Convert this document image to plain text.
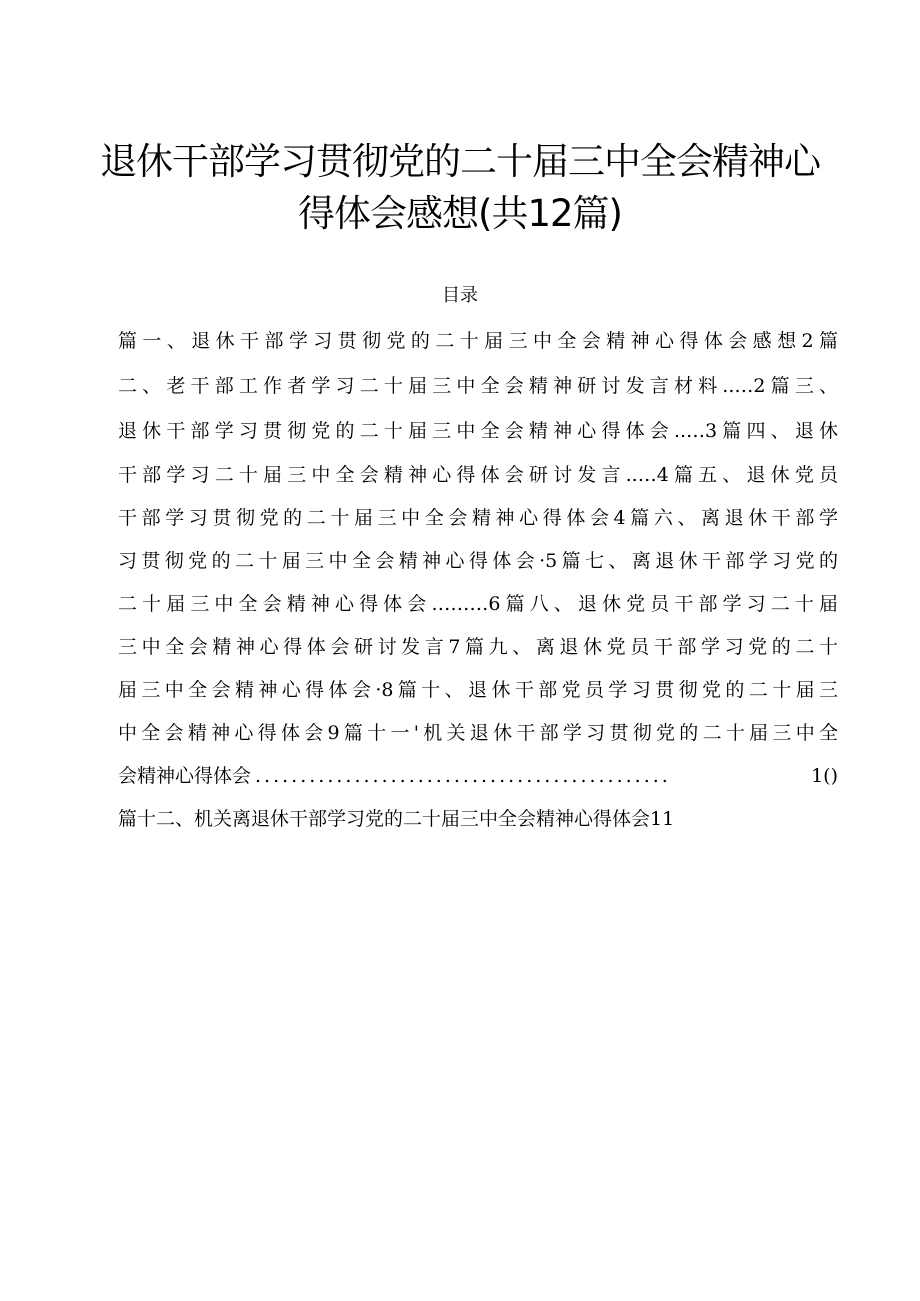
退休干部学习贯彻党的二十届三中全会精神心
得体会感想(共12篇)
目录
篇一、退休干部学习贯彻党的二十届三中全会精神心得体会感想2篇
二、老干部工作者学习二十届三中全会精神研讨发言材料..…2篇三、
退休干部学习贯彻党的二十届三中全会精神心得体会..…3篇四、退休
干部学习二十届三中全会精神心得体会研讨发言..…4篇五、退休党员
干部学习贯彻党的二十届三中全会精神心得体会4篇六、离退休干部学
习贯彻党的二十届三中全会精神心得体会·5篇七、离退休干部学习党的
二十届三中全会精神心得体会………6篇八、退休党员干部学习二十届
三中全会精神心得体会研讨发言7篇九、离退休党员干部学习党的二十
届三中全会精神心得体会·8篇十、退休干部党员学习贯彻党的二十届三
中全会精神心得体会9篇十一'机关退休干部学习贯彻党的二十届三中全
会精神心得体会 ..............................................	1()
篇十二、机关离退休干部学习党的二十届三中全会精神心得体会11
